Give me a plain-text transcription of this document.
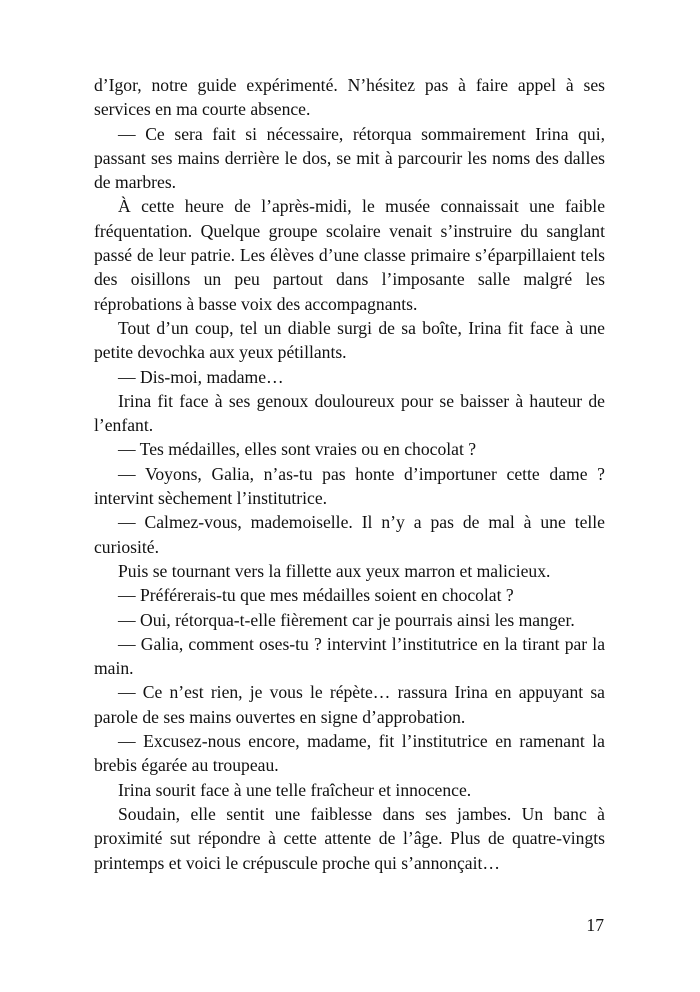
d’Igor, notre guide expérimenté. N’hésitez pas à faire appel à ses services en ma courte absence.

— Ce sera fait si nécessaire, rétorqua sommairement Irina qui, passant ses mains derrière le dos, se mit à parcourir les noms des dalles de marbres.

À cette heure de l’après-midi, le musée connaissait une faible fréquentation. Quelque groupe scolaire venait s’instruire du sanglant passé de leur patrie. Les élèves d’une classe primaire s’éparpillaient tels des oisillons un peu partout dans l’imposante salle malgré les réprobations à basse voix des accompagnants.

Tout d’un coup, tel un diable surgi de sa boîte, Irina fit face à une petite devochka aux yeux pétillants.

— Dis-moi, madame…

Irina fit face à ses genoux douloureux pour se baisser à hauteur de l’enfant.

— Tes médailles, elles sont vraies ou en chocolat ?

— Voyons, Galia, n’as-tu pas honte d’importuner cette dame ? intervint sèchement l’institutrice.

— Calmez-vous, mademoiselle. Il n’y a pas de mal à une telle curiosité.

Puis se tournant vers la fillette aux yeux marron et malicieux.

— Préférerais-tu que mes médailles soient en chocolat ?

— Oui, rétorqua-t-elle fièrement car je pourrais ainsi les manger.

— Galia, comment oses-tu ? intervint l’institutrice en la tirant par la main.

— Ce n’est rien, je vous le répète… rassura Irina en appuyant sa parole de ses mains ouvertes en signe d’approbation.

— Excusez-nous encore, madame, fit l’institutrice en ramenant la brebis égarée au troupeau.

Irina sourit face à une telle fraîcheur et innocence.

Soudain, elle sentit une faiblesse dans ses jambes. Un banc à proximité sut répondre à cette attente de l’âge. Plus de quatre-vingts printemps et voici le crépuscule proche qui s’annonçait…

17
